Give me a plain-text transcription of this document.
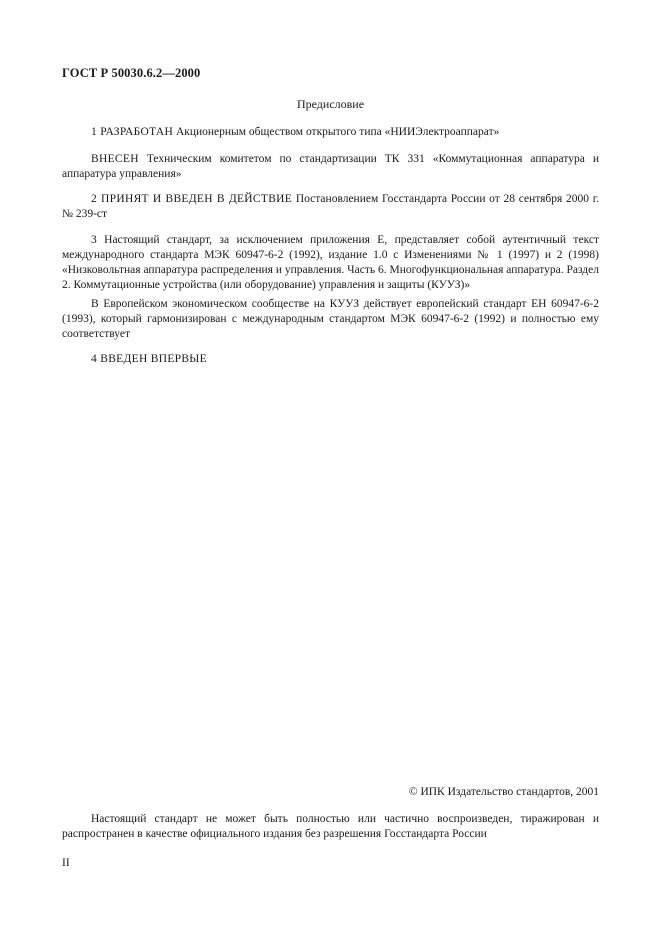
ГОСТ Р 50030.6.2—2000
Предисловие
1 РАЗРАБОТАН Акционерным обществом открытого типа «НИИЭлектроаппарат»
ВНЕСЕН Техническим комитетом по стандартизации ТК 331 «Коммутационная аппаратура и аппаратура управления»
2 ПРИНЯТ И ВВЕДЕН В ДЕЙСТВИЕ Постановлением Госстандарта России от 28 сентября 2000 г. № 239-ст
3 Настоящий стандарт, за исключением приложения Е, представляет собой аутентичный текст международного стандарта МЭК 60947-6-2 (1992), издание 1.0 с Изменениями № 1 (1997) и 2 (1998) «Низковольтная аппаратура распределения и управления. Часть 6. Многофункциональная аппаратура. Раздел 2. Коммутационные устройства (или оборудование) управления и защиты (КУУЗ)»
В Европейском экономическом сообществе на КУУЗ действует европейский стандарт ЕН 60947-6-2 (1993), который гармонизирован с международным стандартом МЭК 60947-6-2 (1992) и полностью ему соответствует
4 ВВЕДЕН ВПЕРВЫЕ
© ИПК Издательство стандартов, 2001
Настоящий стандарт не может быть полностью или частично воспроизведен, тиражирован и распространен в качестве официального издания без разрешения Госстандарта России
II
